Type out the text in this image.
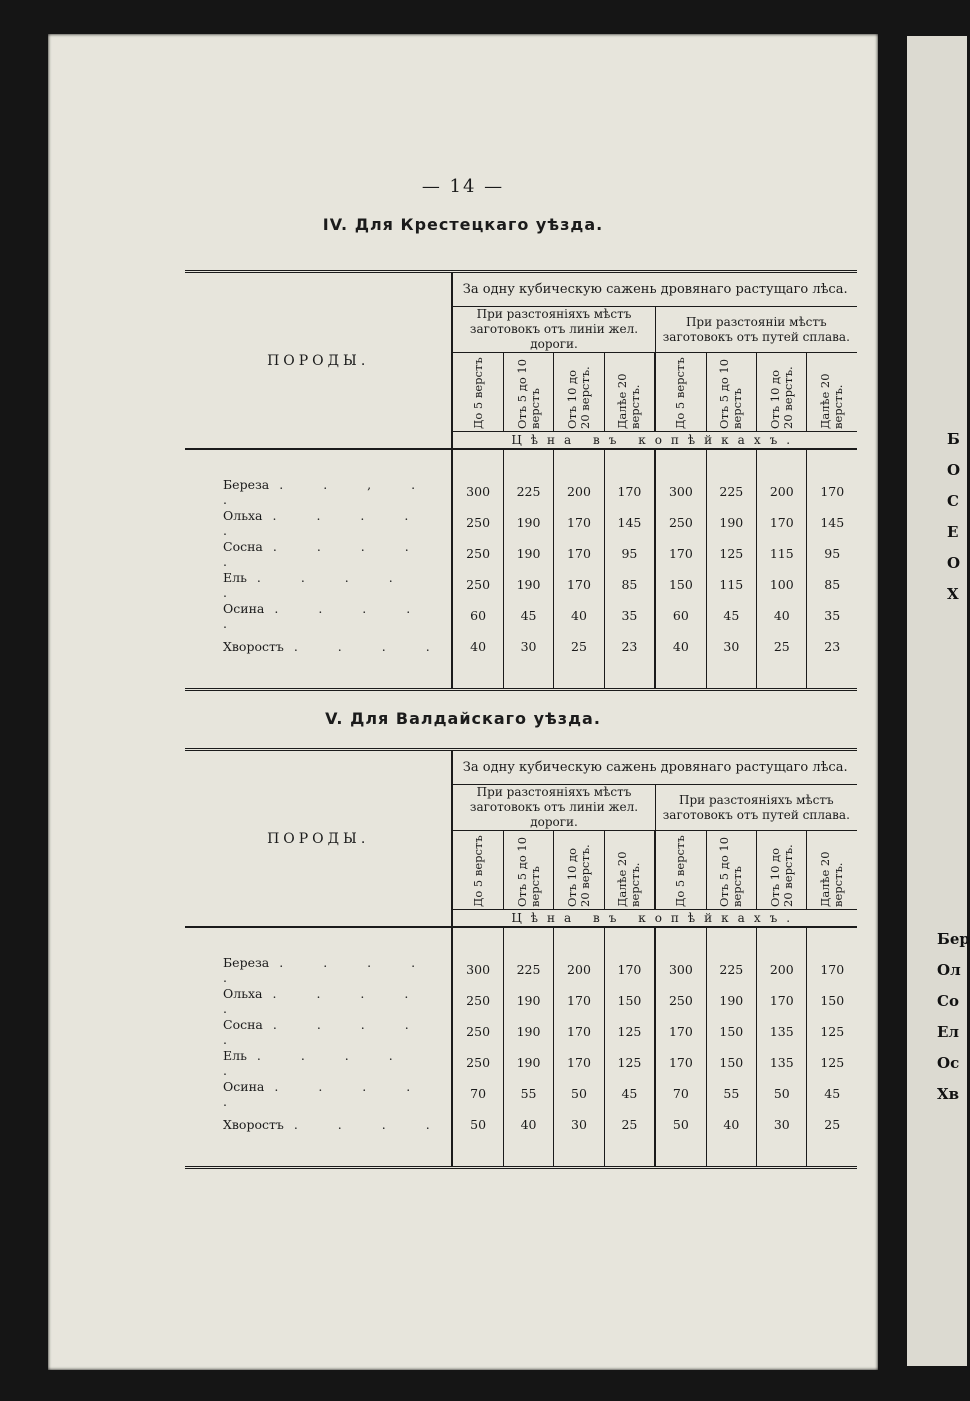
— 14 —
IV. Для Крестецкаго уѣзда.
ПОРОДЫ.	За одну кубическую сажень дровянаго растущаго лѣса.							
	При разстояніяхъ мѣстъ заготовокъ отъ линіи жел. дороги.				При разстояніи мѣстъ заготовокъ отъ путей сплава.			

	До 5 верстъ	Отъ 5 до 10 верстъ	Отъ 10 до 20 верстъ.	Далѣе 20 верстъ.	До 5 верстъ	Отъ 5 до 10 верстъ	Отъ 10 до 20 верстъ.	Далѣе 20 верстъ.

	Цѣна въ копѣйкахъ.							

Береза . . , . .	300	225	200	170	300	225	200	170
Ольха . . . . .	250	190	170	145	250	190	170	145
Сосна . . . . .	250	190	170	95	170	125	115	95
Ель . . . . .	250	190	170	85	150	115	100	85
Осина . . . . .	60	45	40	35	60	45	40	35
Хворостъ . . . .	40	30	25	23	40	30	25	23

V. Для Валдайскаго уѣзда.
ПОРОДЫ.	За одну кубическую сажень дровянаго растущаго лѣса.							
	При разстояніяхъ мѣстъ заготовокъ отъ линіи жел. дороги.				При разстояніяхъ мѣстъ заготовокъ отъ путей сплава.			

	До 5 верстъ	Отъ 5 до 10 верстъ	Отъ 10 до 20 верстъ.	Далѣе 20 верстъ.	До 5 верстъ	Отъ 5 до 10 верстъ	Отъ 10 до 20 верстъ.	Далѣе 20 верстъ.

	Цѣна въ копѣйкахъ.							

Береза . . . . .	300	225	200	170	300	225	200	170
Ольха . . . . .	250	190	170	150	250	190	170	150
Сосна . . . . .	250	190	170	125	170	150	135	125
Ель . . . . .	250	190	170	125	170	150	135	125
Осина . . . . .	70	55	50	45	70	55	50	45
Хворостъ . . . .	50	40	30	25	50	40	30	25

Б
О
С
Е
О
Х
Бер
Ол
Со
Ел
Ос
Хв
